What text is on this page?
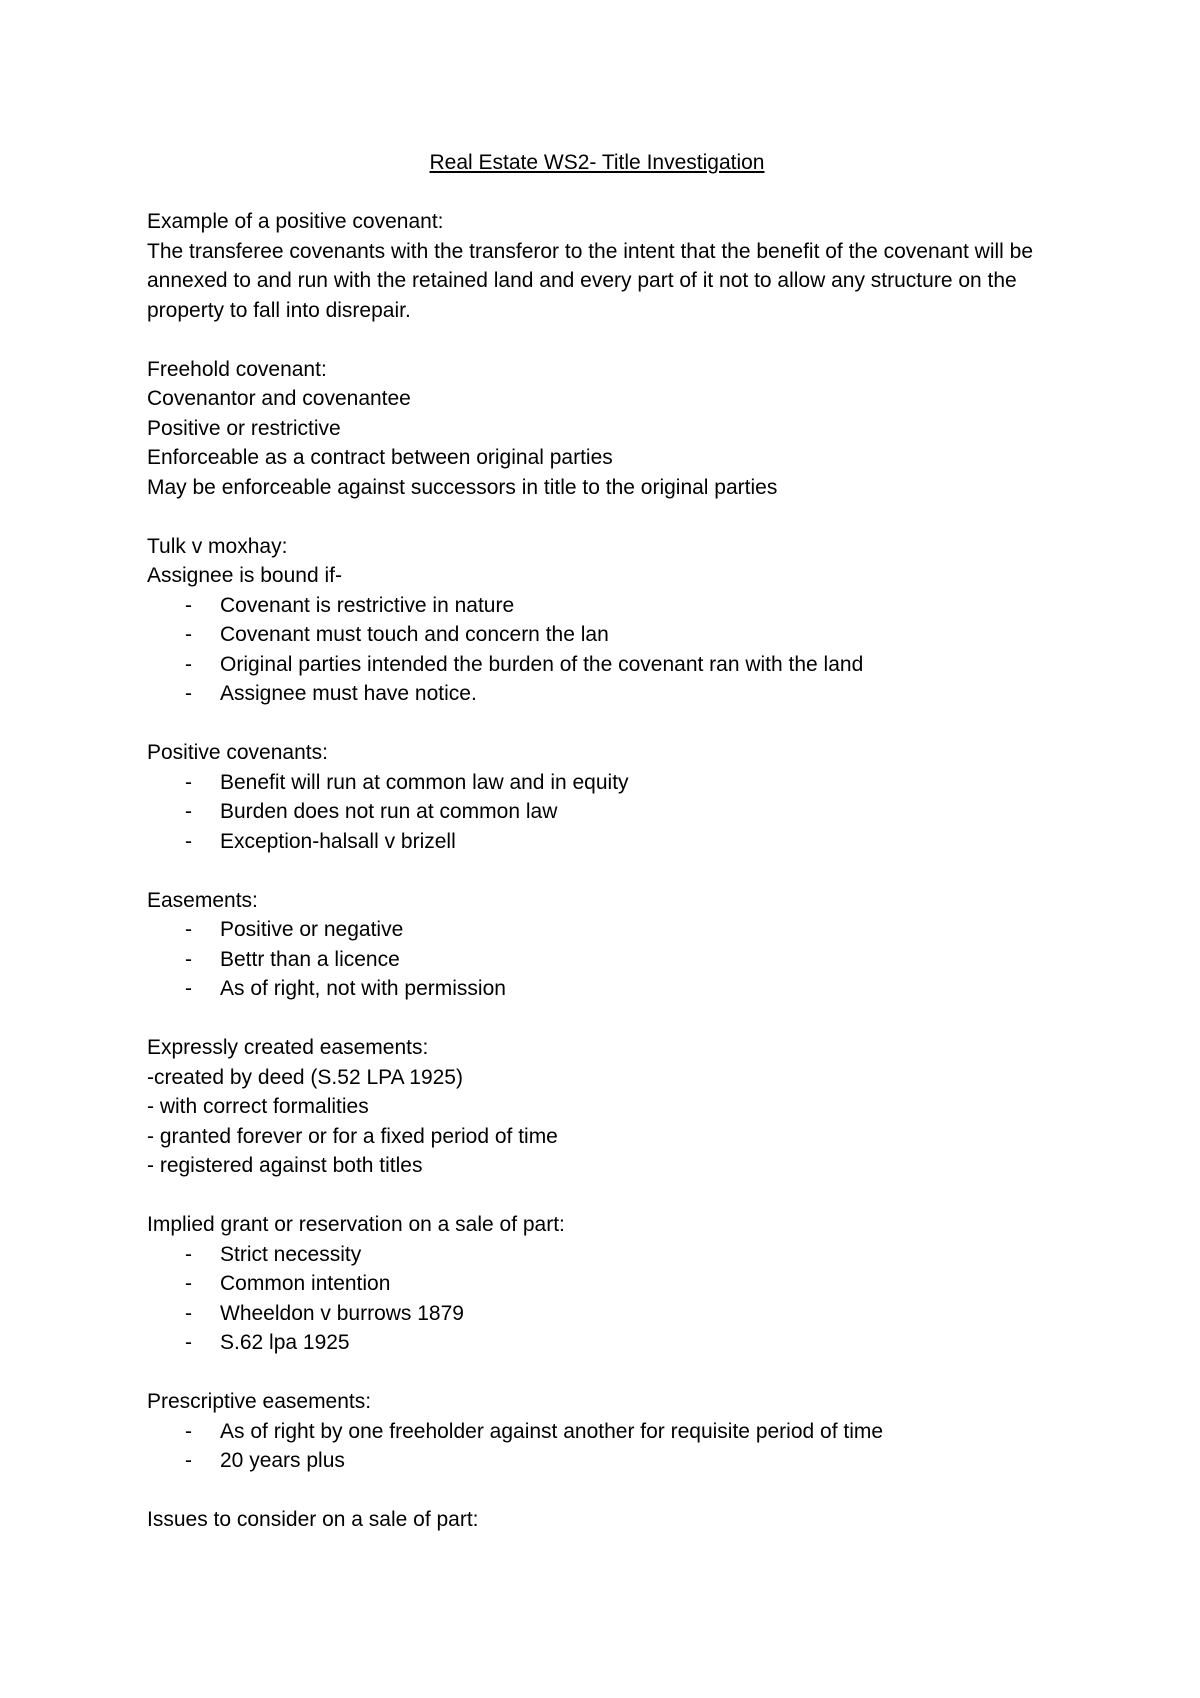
Real Estate WS2- Title Investigation

Example of a positive covenant:

The transferee covenants with the transferor to the intent that the benefit of the covenant will be annexed to and run with the retained land and every part of it not to allow any structure on the property to fall into disrepair.

Freehold covenant:

Covenantor and covenantee

Positive or restrictive

Enforceable as a contract between original parties

May be enforceable against successors in title to the original parties

Tulk v moxhay:

Assignee is bound if-

- Covenant is restrictive in nature
- Covenant must touch and concern the lan
- Original parties intended the burden of the covenant ran with the land
- Assignee must have notice.

Positive covenants:

- Benefit will run at common law and in equity
- Burden does not run at common law
- Exception-halsall v brizell

Easements:

- Positive or negative
- Bettr than a licence
- As of right, not with permission

Expressly created easements:

-created by deed (S.52 LPA 1925)

- with correct formalities

- granted forever or for a fixed period of time

- registered against both titles

Implied grant or reservation on a sale of part:

- Strict necessity
- Common intention
- Wheeldon v burrows 1879
- S.62 lpa 1925

Prescriptive easements:

- As of right by one freeholder against another for requisite period of time
- 20 years plus

Issues to consider on a sale of part:
